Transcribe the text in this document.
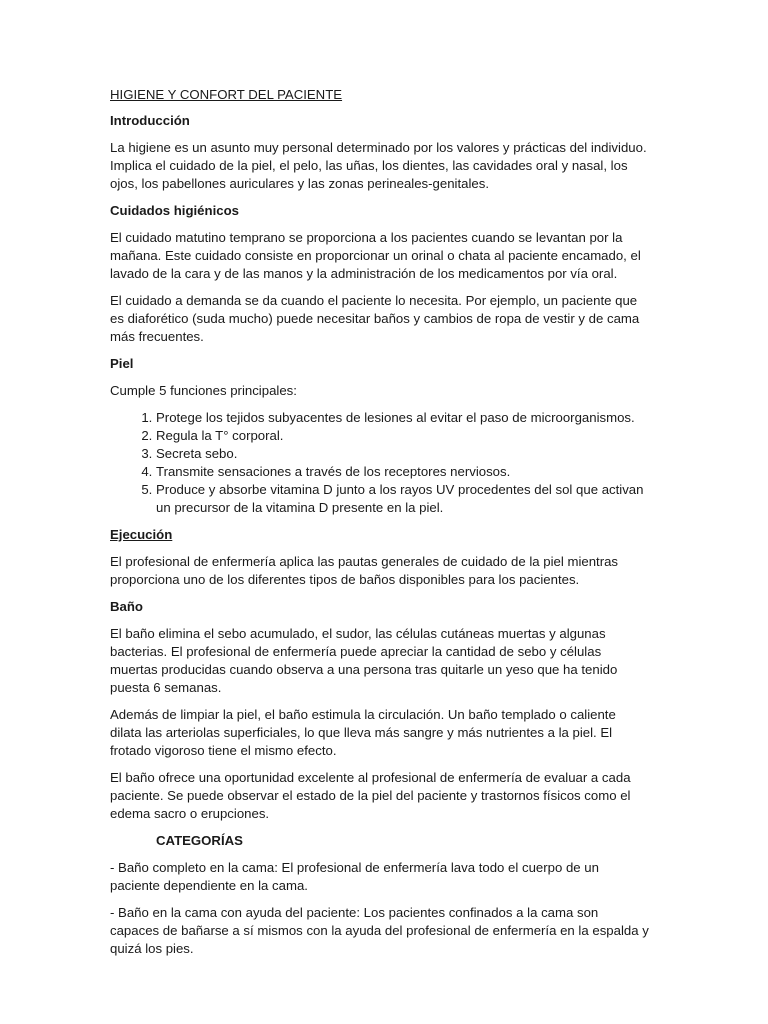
HIGIENE Y CONFORT DEL PACIENTE
Introducción

La higiene es un asunto muy personal determinado por los valores y prácticas del individuo. Implica el cuidado de la piel, el pelo, las uñas, los dientes, las cavidades oral y nasal, los ojos, los pabellones auriculares y las zonas perineales-genitales.

Cuidados higiénicos

El cuidado matutino temprano se proporciona a los pacientes cuando se levantan por la mañana. Este cuidado consiste en proporcionar un orinal o chata al paciente encamado, el lavado de la cara y de las manos y la administración de los medicamentos por vía oral.

El cuidado a demanda se da cuando el paciente lo necesita. Por ejemplo, un paciente que es diaforético (suda mucho) puede necesitar baños y cambios de ropa de vestir y de cama más frecuentes.

Piel

Cumple 5 funciones principales:

1. Protege los tejidos subyacentes de lesiones al evitar el paso de microorganismos.
2. Regula la T° corporal.
3. Secreta sebo.
4. Transmite sensaciones a través de los receptores nerviosos.
5. Produce y absorbe vitamina D junto a los rayos UV procedentes del sol que activan un precursor de la vitamina D presente en la piel.
Ejecución

El profesional de enfermería aplica las pautas generales de cuidado de la piel mientras proporciona uno de los diferentes tipos de baños disponibles para los pacientes.

Baño

El baño elimina el sebo acumulado, el sudor, las células cutáneas muertas y algunas bacterias. El profesional de enfermería puede apreciar la cantidad de sebo y células muertas producidas cuando observa a una persona tras quitarle un yeso que ha tenido puesta 6 semanas.

Además de limpiar la piel, el baño estimula la circulación. Un baño templado o caliente dilata las arteriolas superficiales, lo que lleva más sangre y más nutrientes a la piel. El frotado vigoroso tiene el mismo efecto.

El baño ofrece una oportunidad excelente al profesional de enfermería de evaluar a cada paciente. Se puede observar el estado de la piel del paciente y trastornos físicos como el edema sacro o erupciones.

CATEGORÍAS

- Baño completo en la cama: El profesional de enfermería lava todo el cuerpo de un paciente dependiente en la cama.

- Baño en la cama con ayuda del paciente: Los pacientes confinados a la cama son capaces de bañarse a sí mismos con la ayuda del profesional de enfermería en la espalda y quizá los pies.
